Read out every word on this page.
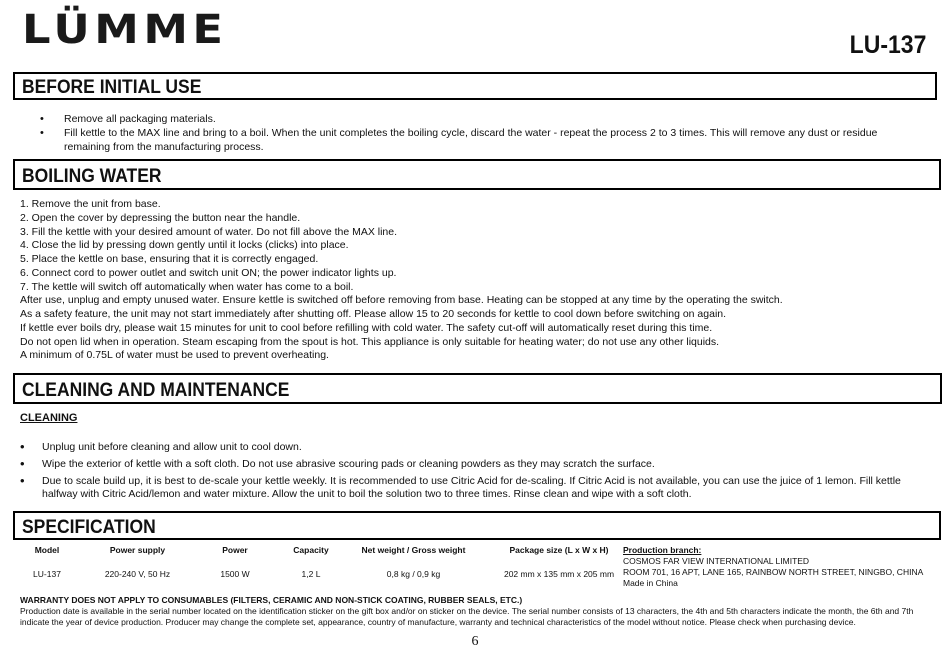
LÜMME	LU-137
BEFORE INITIAL USE
• Remove all packaging materials.
• Fill kettle to the MAX line and bring to a boil. When the unit completes the boiling cycle, discard the water - repeat the process 2 to 3 times. This will remove any dust or residue remaining from the manufacturing process.
BOILING WATER
1. Remove the unit from base.
2. Open the cover by depressing the button near the handle.
3. Fill the kettle with your desired amount of water. Do not fill above the MAX line.
4. Close the lid by pressing down gently until it locks (clicks) into place.
5. Place the kettle on base, ensuring that it is correctly engaged.
6. Connect cord to power outlet and switch unit ON; the power indicator lights up.
7. The kettle will switch off automatically when water has come to a boil.
After use, unplug and empty unused water. Ensure kettle is switched off before removing from base. Heating can be stopped at any time by the operating the switch.
As a safety feature, the unit may not start immediately after shutting off. Please allow 15 to 20 seconds for kettle to cool down before switching on again.
If kettle ever boils dry, please wait 15 minutes for unit to cool before refilling with cold water. The safety cut-off will automatically reset during this time.
Do not open lid when in operation. Steam escaping from the spout is hot. This appliance is only suitable for heating water; do not use any other liquids.
A minimum of 0.75L of water must be used to prevent overheating.
CLEANING AND MAINTENANCE
CLEANING
• Unplug unit before cleaning and allow unit to cool down.
• Wipe the exterior of kettle with a soft cloth. Do not use abrasive scouring pads or cleaning powders as they may scratch the surface.
• Due to scale build up, it is best to de-scale your kettle weekly. It is recommended to use Citric Acid for de-scaling. If Citric Acid is not available, you can use the juice of 1 lemon. Fill kettle halfway with Citric Acid/lemon and water mixture. Allow the unit to boil the solution two to three times. Rinse clean and wipe with a soft cloth.
SPECIFICATION
Model	Power supply	Power	Capacity	Net weight / Gross weight	Package size (L x W x H)
LU-137	220-240 V, 50 Hz	1500 W	1,2 L	0,8 kg / 0,9 kg	202 mm x 135 mm x 205 mm
Production branch:
COSMOS FAR VIEW INTERNATIONAL LIMITED
ROOM 701, 16 APT, LANE 165, RAINBOW NORTH STREET, NINGBO, CHINA
Made in China
WARRANTY DOES NOT APPLY TO CONSUMABLES (FILTERS, CERAMIC AND NON-STICK COATING, RUBBER SEALS, ETC.)
Production date is available in the serial number located on the identification sticker on the gift box and/or on sticker on the device. The serial number consists of 13 characters, the 4th and 5th characters indicate the month, the 6th and 7th indicate the year of device production. Producer may change the complete set, appearance, country of manufacture, warranty and technical characteristics of the model without notice. Please check when purchasing device.
6
